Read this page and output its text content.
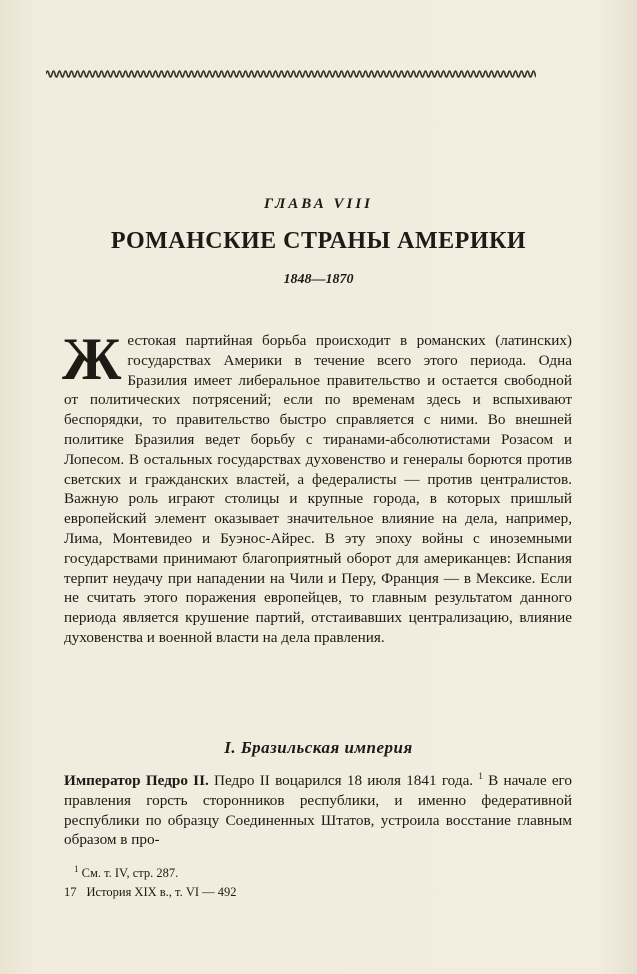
ГЛАВА VIII
РОМАНСКИЕ СТРАНЫ АМЕРИКИ
1848—1870

Жестокая партийная борьба происходит в романских (латинских) государствах Америки в течение всего этого периода. Одна Бразилия имеет либеральное правительство и остается свободной от политических потрясений; если по временам здесь и вспыхивают беспорядки, то правительство быстро справляется с ними. Во внешней политике Бразилия ведет борьбу с тиранами-абсолютистами Розасом и Лопесом. В остальных государствах духовенство и генералы борются против светских и гражданских властей, а федералисты — против централистов. Важную роль играют столицы и крупные города, в которых пришлый европейский элемент оказывает значительное влияние на дела, например, Лима, Монтевидео и Буэнос-Айрес. В эту эпоху войны с иноземными государствами принимают благоприятный оборот для американцев: Испания терпит неудачу при нападении на Чили и Перу, Франция — в Мексике. Если не считать этого поражения европейцев, то главным результатом данного периода является крушение партий, отстаивавших централизацию, влияние духовенства и военной власти на дела правления.

I. Бразильская империя

Император Педро II. Педро II воцарился 18 июля 1841 года. $^1$ В начале его правления горсть сторонников республики, и именно федеративной республики по образцу Соединенных Штатов, устроила восстание главным образом в про-

$^1$ См. т. IV, стр. 287.
17 История XIX в., т. VI — 492
